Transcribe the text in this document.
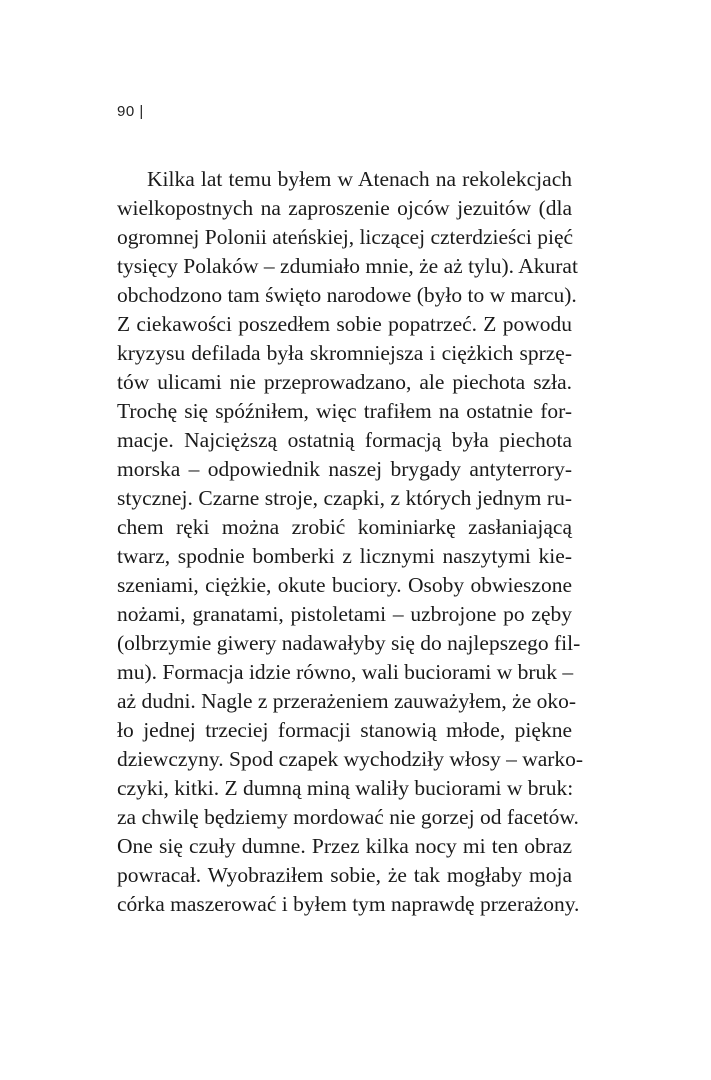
90 |

Kilka lat temu byłem w Atenach na rekolekcjach
wielkopostnych na zaproszenie ojców jezuitów (dla
ogromnej Polonii ateńskiej, liczącej czterdzieści pięć
tysięcy Polaków – zdumiało mnie, że aż tylu). Akurat
obchodzono tam święto narodowe (było to w marcu).
Z ciekawości poszedłem sobie popatrzeć. Z powodu
kryzysu defilada była skromniejsza i ciężkich sprzę-
tów ulicami nie przeprowadzano, ale piechota szła.
Trochę się spóźniłem, więc trafiłem na ostatnie for-
macje. Najcięższą ostatnią formacją była piechota
morska – odpowiednik naszej brygady antyterrory-
stycznej. Czarne stroje, czapki, z których jednym ru-
chem ręki można zrobić kominiarkę zasłaniającą
twarz, spodnie bomberki z licznymi naszytymi kie-
szeniami, ciężkie, okute buciory. Osoby obwieszone
nożami, granatami, pistoletami – uzbrojone po zęby
(olbrzymie giwery nadawałyby się do najlepszego fil-
mu). Formacja idzie równo, wali buciorami w bruk –
aż dudni. Nagle z przerażeniem zauważyłem, że oko-
ło jednej trzeciej formacji stanowią młode, piękne
dziewczyny. Spod czapek wychodziły włosy – warko-
czyki, kitki. Z dumną miną waliły buciorami w bruk:
za chwilę będziemy mordować nie gorzej od facetów.
One się czuły dumne. Przez kilka nocy mi ten obraz
powracał. Wyobraziłem sobie, że tak mogłaby moja
córka maszerować i byłem tym naprawdę przerażony.
